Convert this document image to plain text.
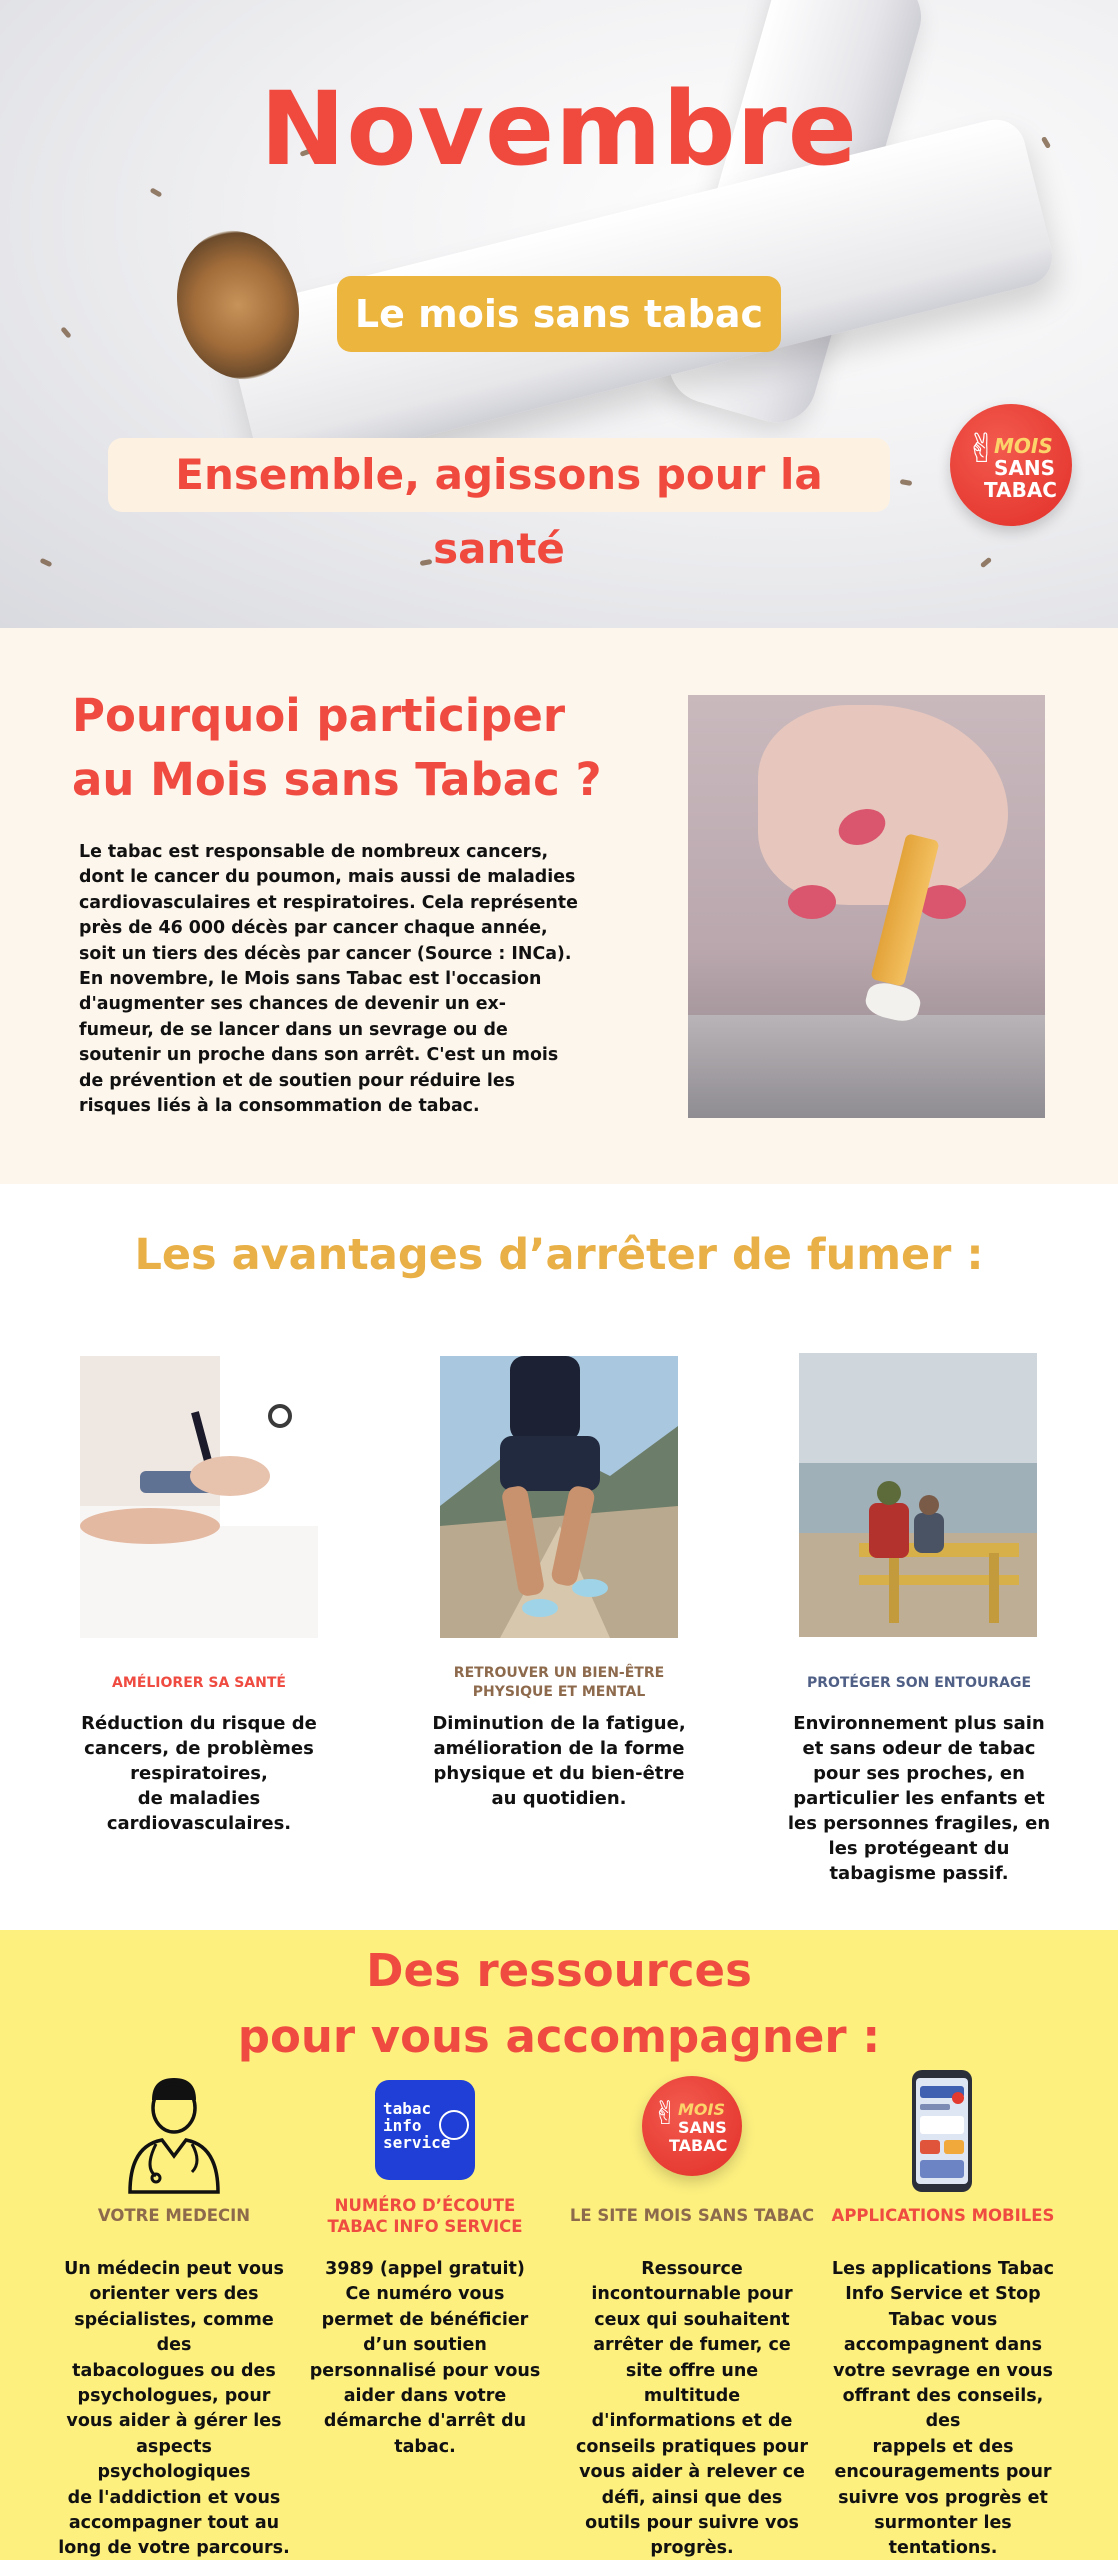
Novembre
Le mois sans tabac
Ensemble, agissons pour la santé
✌
MOIS
SANS
TABAC
Pourquoi participer
au Mois sans Tabac ?

Le tabac est responsable de nombreux cancers, dont le cancer du poumon, mais aussi de maladies cardiovasculaires et respiratoires. Cela représente près de 46 000 décès par cancer chaque année, soit un tiers des décès par cancer (Source : INCa). En novembre, le Mois sans Tabac est l'occasion d'augmenter ses chances de devenir un ex-fumeur, de se lancer dans un sevrage ou de soutenir un proche dans son arrêt. C'est un mois de prévention et de soutien pour réduire les risques liés à la consommation de tabac.

Les avantages d’arrêter de fumer :
AMÉLIORER SA SANTÉ
Réduction du risque de
cancers, de problèmes
respiratoires,
de maladies
cardiovasculaires.
RETROUVER UN BIEN-ÊTRE
PHYSIQUE ET MENTAL
Diminution de la fatigue,
amélioration de la forme
physique et du bien-être
au quotidien.
PROTÉGER SON ENTOURAGE
Environnement plus sain
et sans odeur de tabac
pour ses proches, en
particulier les enfants et
les personnes fragiles, en
les protégeant du
tabagisme passif.
Des ressources
pour vous accompagner :
VOTRE MEDECIN
Un médecin peut vous
orienter vers des
spécialistes, comme des
tabacologues ou des
psychologues, pour
vous aider à gérer les
aspects psychologiques
de l'addiction et vous
accompagner tout au
long de votre parcours.
tabac
info
service
NUMÉRO D’ÉCOUTE
TABAC INFO SERVICE
3989 (appel gratuit)
Ce numéro vous
permet de bénéficier
d’un soutien
personnalisé pour vous
aider dans votre
démarche d'arrêt du
tabac.
✌ MOIS
SANS
TABAC
LE SITE MOIS SANS TABAC
Ressource
incontournable pour
ceux qui souhaitent
arrêter de fumer, ce
site offre une multitude
d'informations et de
conseils pratiques pour
vous aider à relever ce
défi, ainsi que des
outils pour suivre vos
progrès.
APPLICATIONS MOBILES
Les applications Tabac
Info Service et Stop
Tabac vous
accompagnent dans
votre sevrage en vous
offrant des conseils, des
rappels et des
encouragements pour
suivre vos progrès et
surmonter les
tentations.
